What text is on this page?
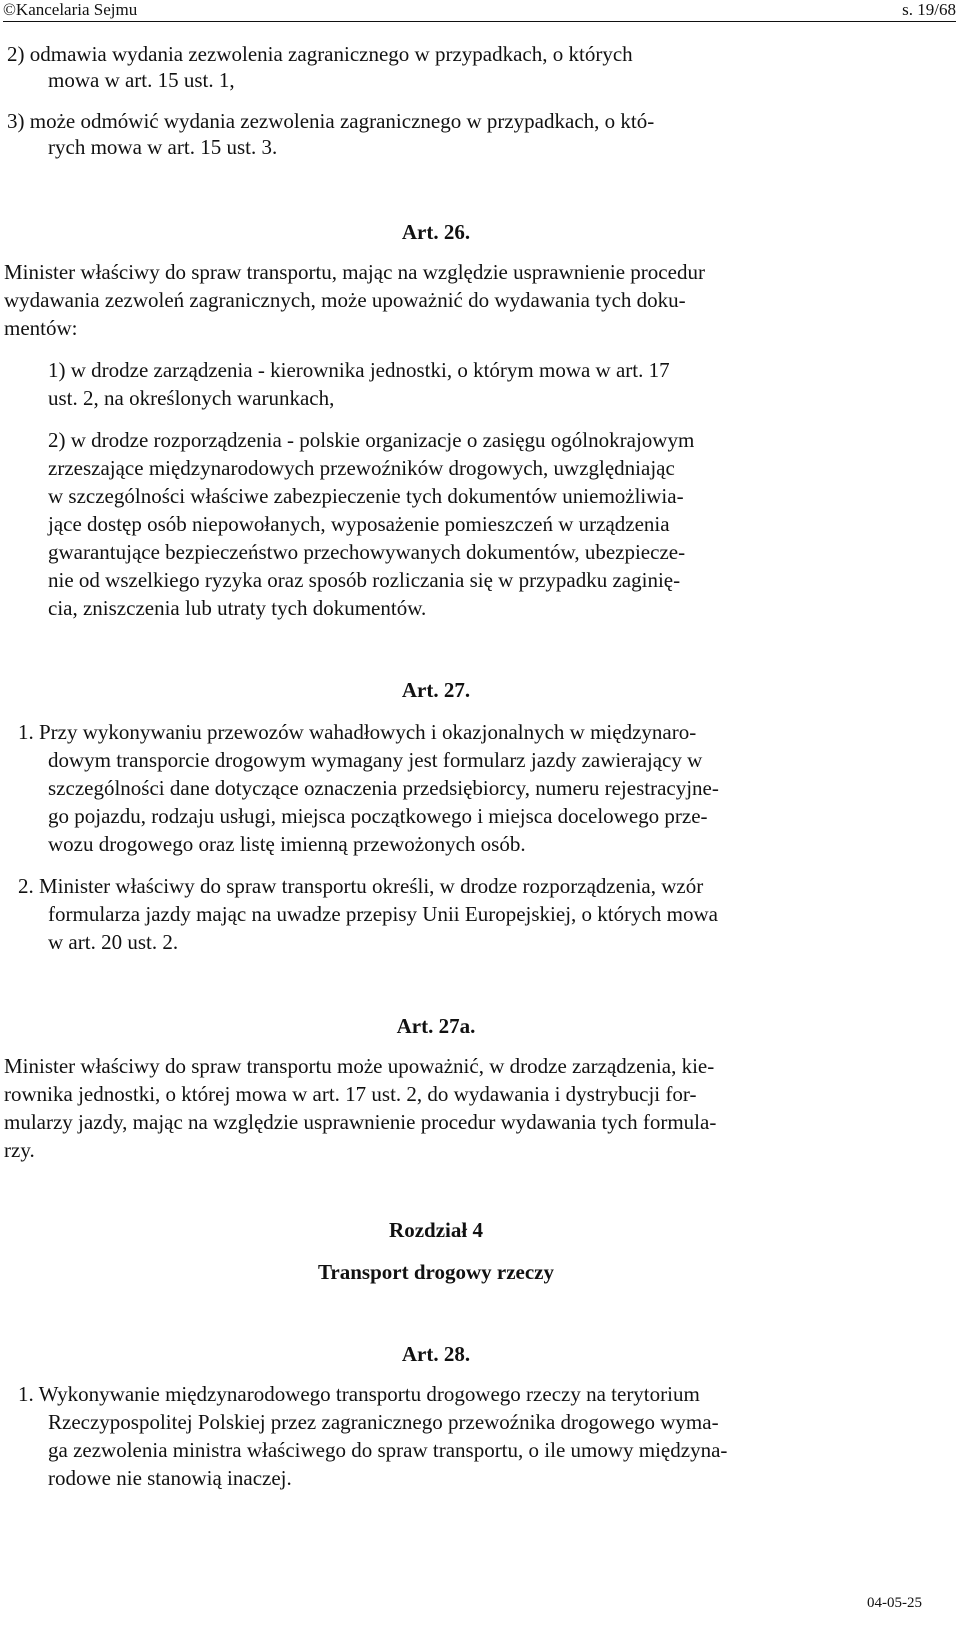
©Kancelaria Sejmu	s. 19/68
2) odmawia wydania zezwolenia zagranicznego w przypadkach, o których
mowa w art. 15 ust. 1,
3) może odmówić wydania zezwolenia zagranicznego w przypadkach, o któ-
rych mowa w art. 15 ust. 3.
Art. 26.
Minister właściwy do spraw transportu, mając na względzie usprawnienie procedur
wydawania zezwoleń zagranicznych, może upoważnić do wydawania tych doku-
mentów:
1) w drodze zarządzenia - kierownika jednostki, o którym mowa w art. 17
ust. 2, na określonych warunkach,
2) w drodze rozporządzenia - polskie organizacje o zasięgu ogólnokrajowym
zrzeszające międzynarodowych przewoźników drogowych, uwzględniając
w szczególności właściwe zabezpieczenie tych dokumentów uniemożliwia-
jące dostęp osób niepowołanych, wyposażenie pomieszczeń w urządzenia
gwarantujące bezpieczeństwo przechowywanych dokumentów, ubezpiecze-
nie od wszelkiego ryzyka oraz sposób rozliczania się w przypadku zaginię-
cia, zniszczenia lub utraty tych dokumentów.
Art. 27.
1. Przy wykonywaniu przewozów wahadłowych i okazjonalnych w międzynaro-
dowym transporcie drogowym wymagany jest formularz jazdy zawierający w
szczególności dane dotyczące oznaczenia przedsiębiorcy, numeru rejestracyjne-
go pojazdu, rodzaju usługi, miejsca początkowego i miejsca docelowego prze-
wozu drogowego oraz listę imienną przewożonych osób.
2. Minister właściwy do spraw transportu określi, w drodze rozporządzenia, wzór
formularza jazdy mając na uwadze przepisy Unii Europejskiej, o których mowa
w art. 20 ust. 2.
Art. 27a.
Minister właściwy do spraw transportu może upoważnić, w drodze zarządzenia, kie-
rownika jednostki, o której mowa w art. 17 ust. 2, do wydawania i dystrybucji for-
mularzy jazdy, mając na względzie usprawnienie procedur wydawania tych formula-
rzy.
Rozdział 4
Transport drogowy rzeczy
Art. 28.
1. Wykonywanie międzynarodowego transportu drogowego rzeczy na terytorium
Rzeczypospolitej Polskiej przez zagranicznego przewoźnika drogowego wyma-
ga zezwolenia ministra właściwego do spraw transportu, o ile umowy międzyna-
rodowe nie stanowią inaczej.
04-05-25
